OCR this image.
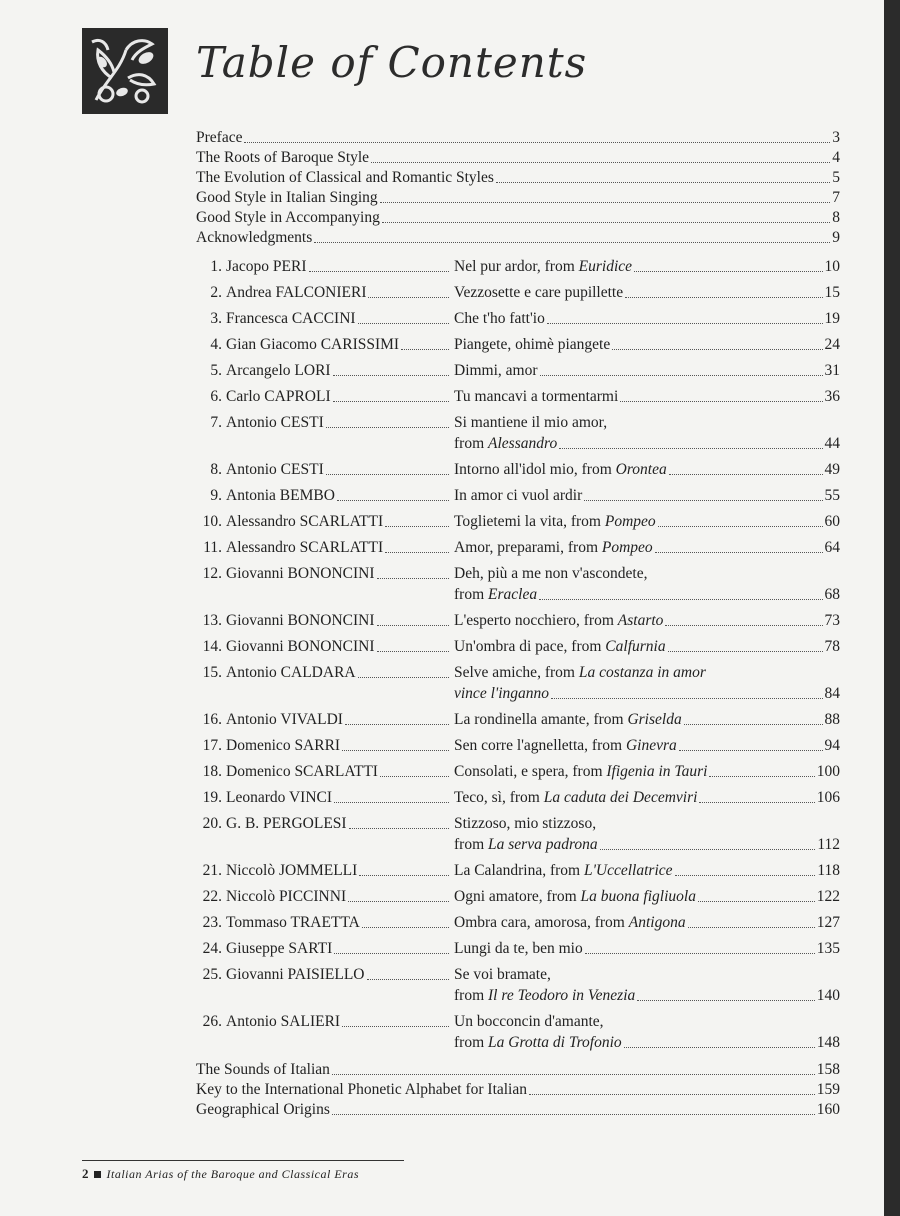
Table of Contents
Preface	3
The Roots of Baroque Style	4
The Evolution of Classical and Romantic Styles	5
Good Style in Italian Singing	7
Good Style in Accompanying	8
Acknowledgments	9
1. Jacopo PERI	Nel pur ardor, from Euridice	10
2. Andrea FALCONIERI	Vezzosette e care pupillette	15
3. Francesca CACCINI	Che t'ho fatt'io	19
4. Gian Giacomo CARISSIMI	Piangete, ohimè piangete	24
5. Arcangelo LORI	Dimmi, amor	31
6. Carlo CAPROLI	Tu mancavi a tormentarmi	36
7. Antonio CESTI	Si mantiene il mio amor,
from Alessandro	44
8. Antonio CESTI	Intorno all'idol mio, from Orontea	49
9. Antonia BEMBO	In amor ci vuol ardir	55
10. Alessandro SCARLATTI	Toglietemi la vita, from Pompeo	60
11. Alessandro SCARLATTI	Amor, preparami, from Pompeo	64
12. Giovanni BONONCINI	Deh, più a me non v'ascondete,
from Eraclea	68
13. Giovanni BONONCINI	L'esperto nocchiero, from Astarto	73
14. Giovanni BONONCINI	Un'ombra di pace, from Calfurnia	78
15. Antonio CALDARA	Selve amiche, from La costanza in amor
vince l'inganno	84
16. Antonio VIVALDI	La rondinella amante, from Griselda	88
17. Domenico SARRI	Sen corre l'agnelletta, from Ginevra	94
18. Domenico SCARLATTI	Consolati, e spera, from Ifigenia in Tauri	100
19. Leonardo VINCI	Teco, sì, from La caduta dei Decemviri	106
20. G. B. PERGOLESI	Stizzoso, mio stizzoso,
from La serva padrona	112
21. Niccolò JOMMELLI	La Calandrina, from L'Uccellatrice	118
22. Niccolò PICCINNI	Ogni amatore, from La buona figliuola	122
23. Tommaso TRAETTA	Ombra cara, amorosa, from Antigona	127
24. Giuseppe SARTI	Lungi da te, ben mio	135
25. Giovanni PAISIELLO	Se voi bramate,
from Il re Teodoro in Venezia	140
26. Antonio SALIERI	Un bocconcin d'amante,
from La Grotta di Trofonio	148
The Sounds of Italian	158
Key to the International Phonetic Alphabet for Italian	159
Geographical Origins	160
2 Italian Arias of the Baroque and Classical Eras
